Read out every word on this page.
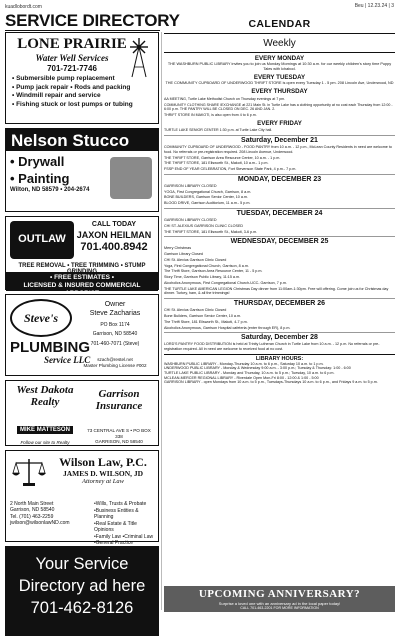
kuadlobordt.com	Beu | 12.23.24 | 3
SERVICE DIRECTORY
LONE PRAIRIE
Water Well Services
701-721-7746
• Submersible pump replacement
• Pump jack repair • Rods and packing
• Windmill repair and service
• Fishing stuck or lost pumps or tubing
Nelson Stucco
• Drywall
• Painting
Wilton, ND 58579 • 204-2674
OUTLAW
CALL TODAY
JAXON HEILMAN
701.400.8942
TREE REMOVAL • TREE TRIMMING • STUMP
• FREE ESTIMATES •
LICENSED & INSURED COMMERCIAL ARBORIST
Steve's
PLUMBING
Service LLC
Owner
Steve Zacharias
PO Box 1174
Garrison, ND 58540
701-460-7071 (Steve)
szach@restel.net
Master Plumbing License #002
West Dakota Realty
MIKE MATTESON
Follow our site to Realty
Garrison Insurance
73 CENTRAL AVE S • PO BOX 338
GARRISON, ND 58540
Wilson Law, P.C.
JAMES D. WILSON, JD
Attorney at Law
2 North Main Street
Garrison, ND 58540
Tel. (701) 463-2259
jwilson@wilsonlawND.com
•Wills, Trusts & Probate
•Business Entities & Planning
•Real Estate & Title Opinions
•Family Law •Criminal Law
•General Practice
Your Service
Directory ad here
701-462-8126
CALENDAR
Weekly
EVERY MONDAY
THE WASHBURN PUBLIC LIBRARY invites you to join us Monday Mornings at 10:30 a.m. for our weekly children's story time Puppy Tales with Ichabod.
EVERY TUESDAY
THE COMMUNITY CUPBOARD OF UNDERWOOD THRIFT STORE is open every Tuesday 1 - 5 pm. 208 Lincoln Ave, Underwood, ND
EVERY THURSDAY
AA MEETING, Turtle Lake Methodist Church on Thursday evenings at 7 pm.
COMMUNITY CLOTHING SHARE /EXCHANGE at 221 Main St. in Turtle Lake has a clothing opportunity at no cost each Thursday from 12:00 - 6:00 p.m. THE PANTRY WILL BE CLOSED ON DEC. 26 AND JAN. 2.
THRIFT STORE IN MAKOTI, is also open from 4 to 6 p.m.
EVERY FRIDAY
TURTLE LAKE SENIOR CENTER 1:30 p.m. at Turtle Lake City hall.
Saturday, December 21
COMMUNITY CUPBOARD OF UNDERWOOD - FOOD PANTRY from 10 a.m. - 12 p.m., McLean County Residents in need are welcome to food. No referrals or pre-registration required. 208 Lincoln Avenue, Underwood.
THE THRIFT STORE, Garrison Area Resource Center, 10 a.m. - 1 p.m.
THE THRIFT STORE, 181 Ellsworth St., Makoti, 10 a.m.- 1 p.m.
FSSP END OF YEAR CELEBRATION, Fort Stevenson State Park, 4 p.m.- 7 p.m.
MONDAY, DECEMBER 23
GARRISON LIBRARY CLOSED
YOGA, First Congregational Church, Garrison, 8 a.m.
BONE BUILDERS, Garrison Senior Center, 10 a.m.
BLOOD DRIVE, Garrison Auditorium, 11 a.m.- 5 p.m.
TUESDAY, DECEMBER 24
GARRISON LIBRARY CLOSED
CHI ST. ALEXIUS GARRISON CLINIC CLOSED
THE THRIFT STORE, 181 Ellsworth St., Makoti, 3-6 p.m.
WEDNESDAY, DECEMBER 25
Merry Christmas
Garrison Library Closed
CHI St. Alexius Garrison Clinic Closed
Yoga, First Congregational Church, Garrison, 8 a.m.
The Thrift Store, Garrison Area Resource Center, 11 - 5 p.m.
Story Time, Garrison Public Library, 11:15 a.m.
Alcoholics Anonymous, First Congregational Church-UCC- Garrison, 7 p.m.
THE TURTLE LAKE AMERICAN LEGION Christmas Day dinner from 11:00am-1:30pm. Free will offering. Come join us for Christmas day dinner. Turkey, ham, & all the trimmings!
THURSDAY, DECEMBER 26
CHI St. Alexius Garrison Clinic Closed
Bone Builders, Garrison Senior Center, 10 a.m.
The Thrift Store, 181 Ellsworth St., Makoti, 4-7 p.m.
Alcoholics Anonymous, Garrison Hospital cafeteria (enter through ER), 8 p.m.
Saturday, December 28
LORD'S PANTRY FOOD DISTRIBUTION is held at Trinity Lutheran Church in Turtle Lake from 10 a.m. - 12 p.m. No referrals or pre-registration required. All in need are welcome to received food at no cost.
LIBRARY HOURS:
WASHBURN PUBLIC LIBRARY - Monday-Thursday 10 a.m. to 6 p.m., Saturday 10 a.m. to 1 p.m.
UNDERWOOD PUBLIC LIBRARY - Monday & Wednesday 9:00 a.m. - 3:00 p.m.; Tuesday & Thursday: 1:00 - 6:00
TURTLE LAKE PUBLIC LIBRARY - Monday and Thursday, 10 a.m. to 5 p.m.; Tuesday, 10 a.m. to 6 p.m.
MCLEAN-MERCER REGIONAL LIBRARY - Riverdale Open Mon-Fri 8:00 - 12:00 & 1:00 - 5:00
GARRISON LIBRARY - open Mondays from 10 a.m. to 5 p.m., Tuesdays-Thursdays 10 a.m. to 6 p.m., and Fridays 9 a.m. to 5 p.m.
UPCOMING ANNIVERSARY?
Surprise a loved one with an anniversary ad in the local paper today!
CALL 701-463-2201 FOR MORE INFORMATION
